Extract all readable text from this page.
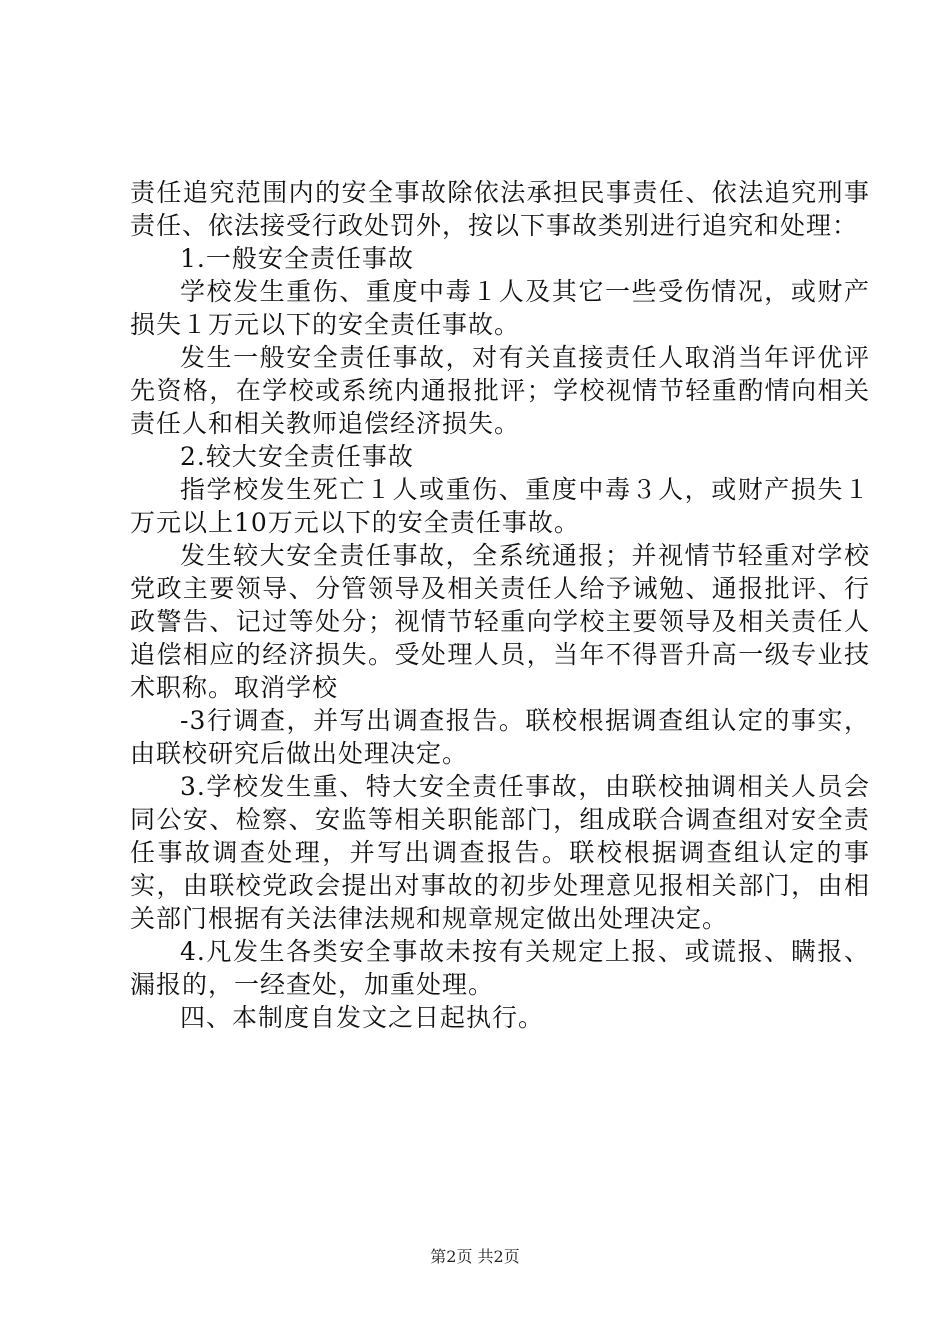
责任追究范围内的安全事故除依法承担民事责任、依法追究刑事责任、依法接受行政处罚外，按以下事故类别进行追究和处理：

1.一般安全责任事故

学校发生重伤、重度中毒１人及其它一些受伤情况，或财产损失１万元以下的安全责任事故。

发生一般安全责任事故，对有关直接责任人取消当年评优评先资格，在学校或系统内通报批评；学校视情节轻重酌情向相关责任人和相关教师追偿经济损失。

2.较大安全责任事故

指学校发生死亡１人或重伤、重度中毒３人，或财产损失１万元以上10万元以下的安全责任事故。

发生较大安全责任事故，全系统通报；并视情节轻重对学校党政主要领导、分管领导及相关责任人给予诫勉、通报批评、行政警告、记过等处分；视情节轻重向学校主要领导及相关责任人追偿相应的经济损失。受处理人员，当年不得晋升高一级专业技术职称。取消学校

-3行调查，并写出调查报告。联校根据调查组认定的事实，由联校研究后做出处理决定。

3.学校发生重、特大安全责任事故，由联校抽调相关人员会同公安、检察、安监等相关职能部门，组成联合调查组对安全责任事故调查处理，并写出调查报告。联校根据调查组认定的事实，由联校党政会提出对事故的初步处理意见报相关部门，由相关部门根据有关法律法规和规章规定做出处理决定。

4.凡发生各类安全事故未按有关规定上报、或谎报、瞒报、漏报的，一经查处，加重处理。

四、本制度自发文之日起执行。

第2页 共2页
